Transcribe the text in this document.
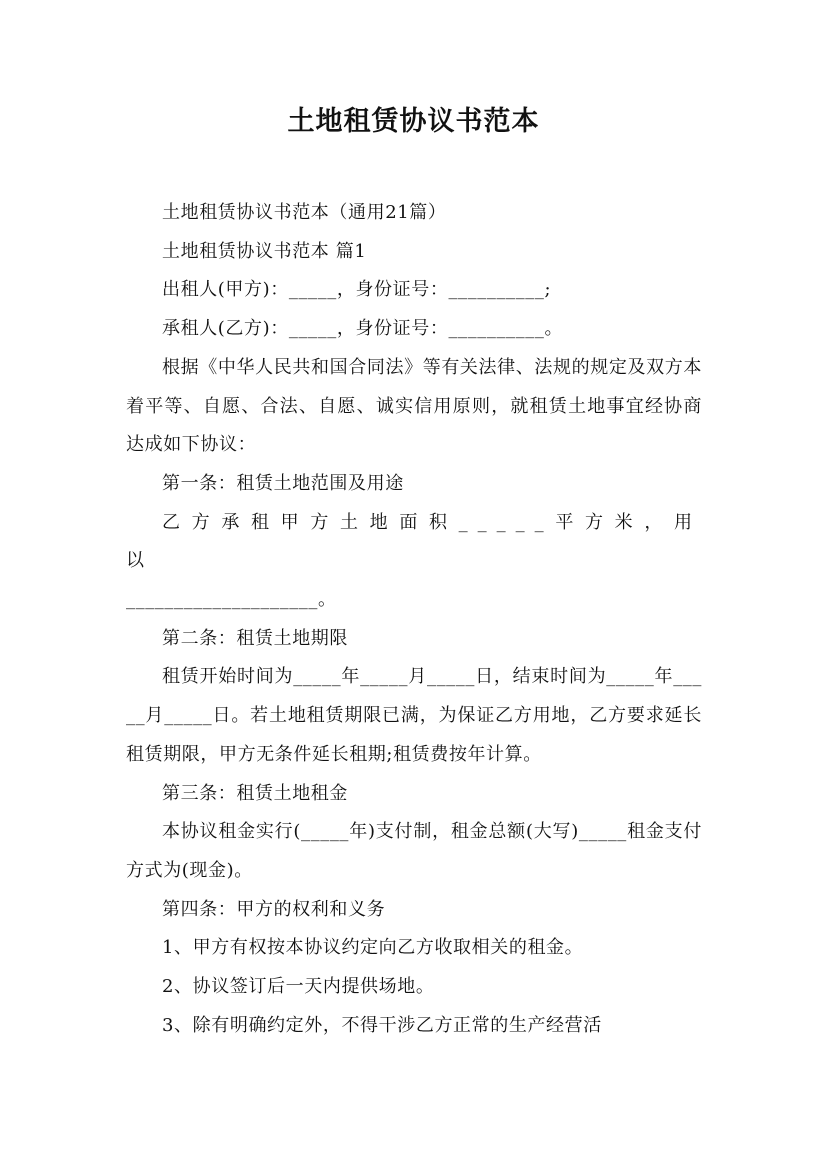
土地租赁协议书范本

土地租赁协议书范本（通用21篇）

土地租赁协议书范本 篇1

出租人(甲方)：_____，身份证号：__________;

承租人(乙方)：_____，身份证号：__________。

根据《中华人民共和国合同法》等有关法律、法规的规定及双方本着平等、自愿、合法、自愿、诚实信用原则，就租赁土地事宜经协商达成如下协议：

第一条：租赁土地范围及用途

乙方承租甲方土地面积_____平方米，用以

____________________。

第二条：租赁土地期限

租赁开始时间为_____年_____月_____日，结束时间为_____年_____月_____日。若土地租赁期限已满，为保证乙方用地，乙方要求延长租赁期限，甲方无条件延长租期;租赁费按年计算。

第三条：租赁土地租金

本协议租金实行(_____年)支付制，租金总额(大写)_____租金支付方式为(现金)。

第四条：甲方的权利和义务

1、甲方有权按本协议约定向乙方收取相关的租金。

2、协议签订后一天内提供场地。

3、除有明确约定外，不得干涉乙方正常的生产经营活
